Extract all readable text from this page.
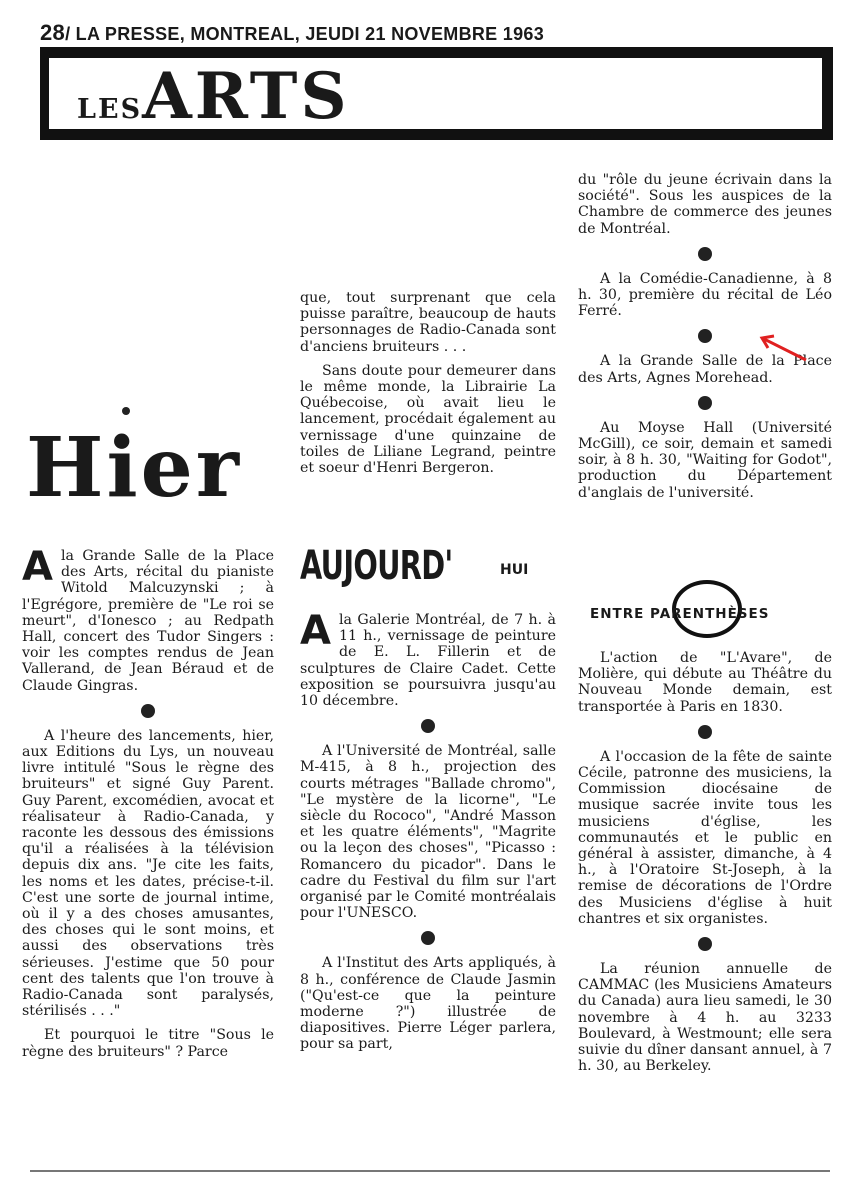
28/ LA PRESSE, MONTREAL, JEUDI 21 NOVEMBRE 1963
LESARTS
Hier

Ala Grande Salle de la Place des Arts, récital du pianiste Witold Malcuzynski ; à l'Egrégore, première de "Le roi se meurt", d'Ionesco ; au Redpath Hall, concert des Tudor Singers : voir les comptes rendus de Jean Vallerand, de Jean Béraud et de Claude Gingras.

A l'heure des lancements, hier, aux Editions du Lys, un nouveau livre intitulé "Sous le règne des bruiteurs" et signé Guy Parent. Guy Parent, excomédien, avocat et réalisateur à Radio-Canada, y raconte les dessous des émissions qu'il a réalisées à la télévision depuis dix ans. "Je cite les faits, les noms et les dates, précise-t-il. C'est une sorte de journal intime, où il y a des choses amusantes, des choses qui le sont moins, et aussi des observations très sérieuses. J'estime que 50 pour cent des talents que l'on trouve à Radio-Canada sont paralysés, stérilisés . . ."

Et pourquoi le titre "Sous le règne des bruiteurs" ? Parce

que, tout surprenant que cela puisse paraître, beaucoup de hauts personnages de Radio-Canada sont d'anciens bruiteurs . . .

Sans doute pour demeurer dans le même monde, la Librairie La Québecoise, où avait lieu le lancement, procédait également au vernissage d'une quinzaine de toiles de Liliane Legrand, peintre et soeur d'Henri Bergeron.

AUJOURD'	HUI

Ala Galerie Montréal, de 7 h. à 11 h., vernissage de peinture de E. L. Fillerin et de sculptures de Claire Cadet. Cette exposition se poursuivra jusqu'au 10 décembre.

A l'Université de Montréal, salle M-415, à 8 h., projection des courts métrages "Ballade chromo", "Le mystère de la licorne", "Le siècle du Rococo", "André Masson et les quatre éléments", "Magrite ou la leçon des choses", "Picasso : Romancero du picador". Dans le cadre du Festival du film sur l'art organisé par le Comité montréalais pour l'UNESCO.

A l'Institut des Arts appliqués, à 8 h., conférence de Claude Jasmin ("Qu'est-ce que la peinture moderne ?") illustrée de diapositives. Pierre Léger parlera, pour sa part,

du "rôle du jeune écrivain dans la société". Sous les auspices de la Chambre de commerce des jeunes de Montréal.

A la Comédie-Canadienne, à 8 h. 30, première du récital de Léo Ferré.

A la Grande Salle de la Place des Arts, Agnes Morehead.

Au Moyse Hall (Université McGill), ce soir, demain et samedi soir, à 8 h. 30, "Waiting for Godot", production du Département d'anglais de l'université.

ENTRE PARENTHÈSES

L'action de "L'Avare", de Molière, qui débute au Théâtre du Nouveau Monde demain, est transportée à Paris en 1830.

A l'occasion de la fête de sainte Cécile, patronne des musiciens, la Commission diocésaine de musique sacrée invite tous les musiciens d'église, les communautés et le public en général à assister, dimanche, à 4 h., à l'Oratoire St-Joseph, à la remise de décorations de l'Ordre des Musiciens d'église à huit chantres et six organistes.

La réunion annuelle de CAMMAC (les Musiciens Amateurs du Canada) aura lieu samedi, le 30 novembre à 4 h. au 3233 Boulevard, à Westmount; elle sera suivie du dîner dansant annuel, à 7 h. 30, au Berkeley.
